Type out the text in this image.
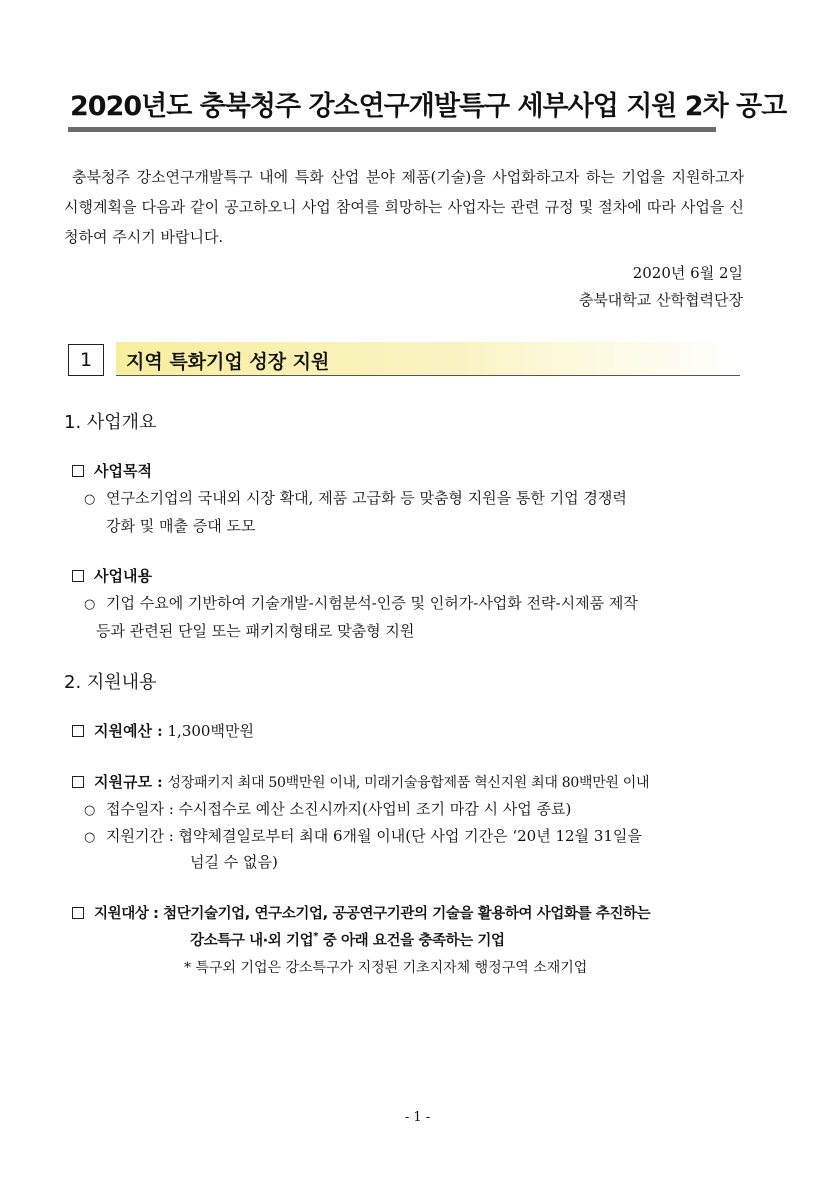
2020년도 충북청주 강소연구개발특구 세부사업 지원 2차 공고

충북청주 강소연구개발특구 내에 특화 산업 분야 제품(기술)을 사업화하고자 하는 기업을 지원하고자 시행계획을 다음과 같이 공고하오니 사업 참여를 희망하는 사업자는 관련 규정 및 절차에 따라 사업을 신청하여 주시기 바랍니다.

2020년 6월 2일
충북대학교 산학협력단장
1 지역 특화기업 성장 지원
1. 사업개요
사업목적
○ 연구소기업의 국내외 시장 확대, 제품 고급화 등 맞춤형 지원을 통한 기업 경쟁력
강화 및 매출 증대 도모
사업내용
○ 기업 수요에 기반하여 기술개발-시험분석-인증 및 인허가-사업화 전략-시제품 제작
등과 관련된 단일 또는 패키지형태로 맞춤형 지원
2. 지원내용
지원예산 : 1,300백만원
지원규모 : 성장패키지 최대 50백만원 이내, 미래기술융합제품 혁신지원 최대 80백만원 이내
○ 접수일자 : 수시접수로 예산 소진시까지(사업비 조기 마감 시 사업 종료)
○ 지원기간 : 협약체결일로부터 최대 6개월 이내(단 사업 기간은 ‘20년 12월 31일을
넘길 수 없음)
지원대상 : 첨단기술기업, 연구소기업, 공공연구기관의 기술을 활용하여 사업화를 추진하는
강소특구 내·외 기업* 중 아래 요건을 충족하는 기업
* 특구외 기업은 강소특구가 지정된 기초지자체 행정구역 소재기업
- 1 -
